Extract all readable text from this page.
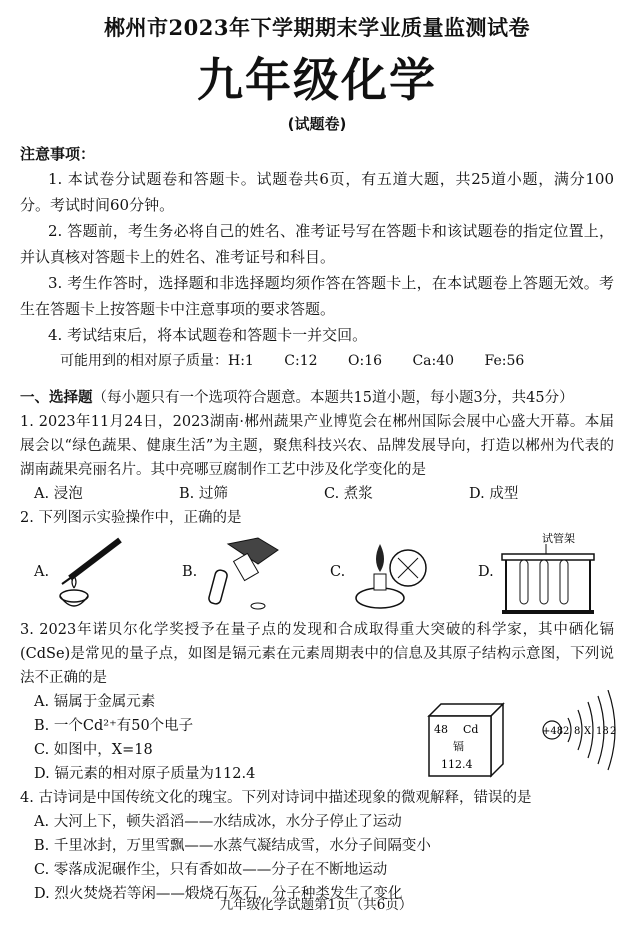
郴州市2023年下学期期末学业质量监测试卷
九年级化学
(试题卷)
注意事项：
1. 本试卷分试题卷和答题卡。试题卷共6页，有五道大题，共25道小题，满分100分。考试时间60分钟。
2. 答题前，考生务必将自己的姓名、准考证号写在答题卡和该试题卷的指定位置上，并认真核对答题卡上的姓名、准考证号和科目。
3. 考生作答时，选择题和非选择题均须作答在答题卡上，在本试题卷上答题无效。考生在答题卡上按答题卡中注意事项的要求答题。
4. 考试结束后，将本试题卷和答题卡一并交回。
可能用到的相对原子质量：H:1 C:12 O:16 Ca:40 Fe:56
一、选择题（每小题只有一个选项符合题意。本题共15道小题，每小题3分，共45分）
1. 2023年11月24日，2023湖南·郴州蔬果产业博览会在郴州国际会展中心盛大开幕。本届展会以“绿色蔬果、健康生活”为主题，聚焦科技兴农、品牌发展导向，打造以郴州为代表的湖南蔬果亮丽名片。其中亮哪豆腐制作工艺中涉及化学变化的是
A. 浸泡	B. 过筛	C. 煮浆	D. 成型
2. 下列图示实验操作中，正确的是
A.	B.	C.	D.
试管架
3. 2023年诺贝尔化学奖授予在量子点的发现和合成取得重大突破的科学家，其中硒化镉(CdSe)是常见的量子点，如图是镉元素在元素周期表中的信息及其原子结构示意图，下列说法不正确的是
A. 镉属于金属元素
B. 一个Cd²⁺有50个电子
C. 如图中，X=18
D. 镉元素的相对原子质量为112.4
48 Cd
镉
112.4
+48 2 8 X 18 2
4. 古诗词是中国传统文化的瑰宝。下列对诗词中描述现象的微观解释，错误的是
A. 大河上下，顿失滔滔——水结成冰，水分子停止了运动
B. 千里冰封，万里雪飘——水蒸气凝结成雪，水分子间隔变小
C. 零落成泥碾作尘，只有香如故——分子在不断地运动
D. 烈火焚烧若等闲——煅烧石灰石，分子种类发生了变化
九年级化学试题第1页（共6页）
